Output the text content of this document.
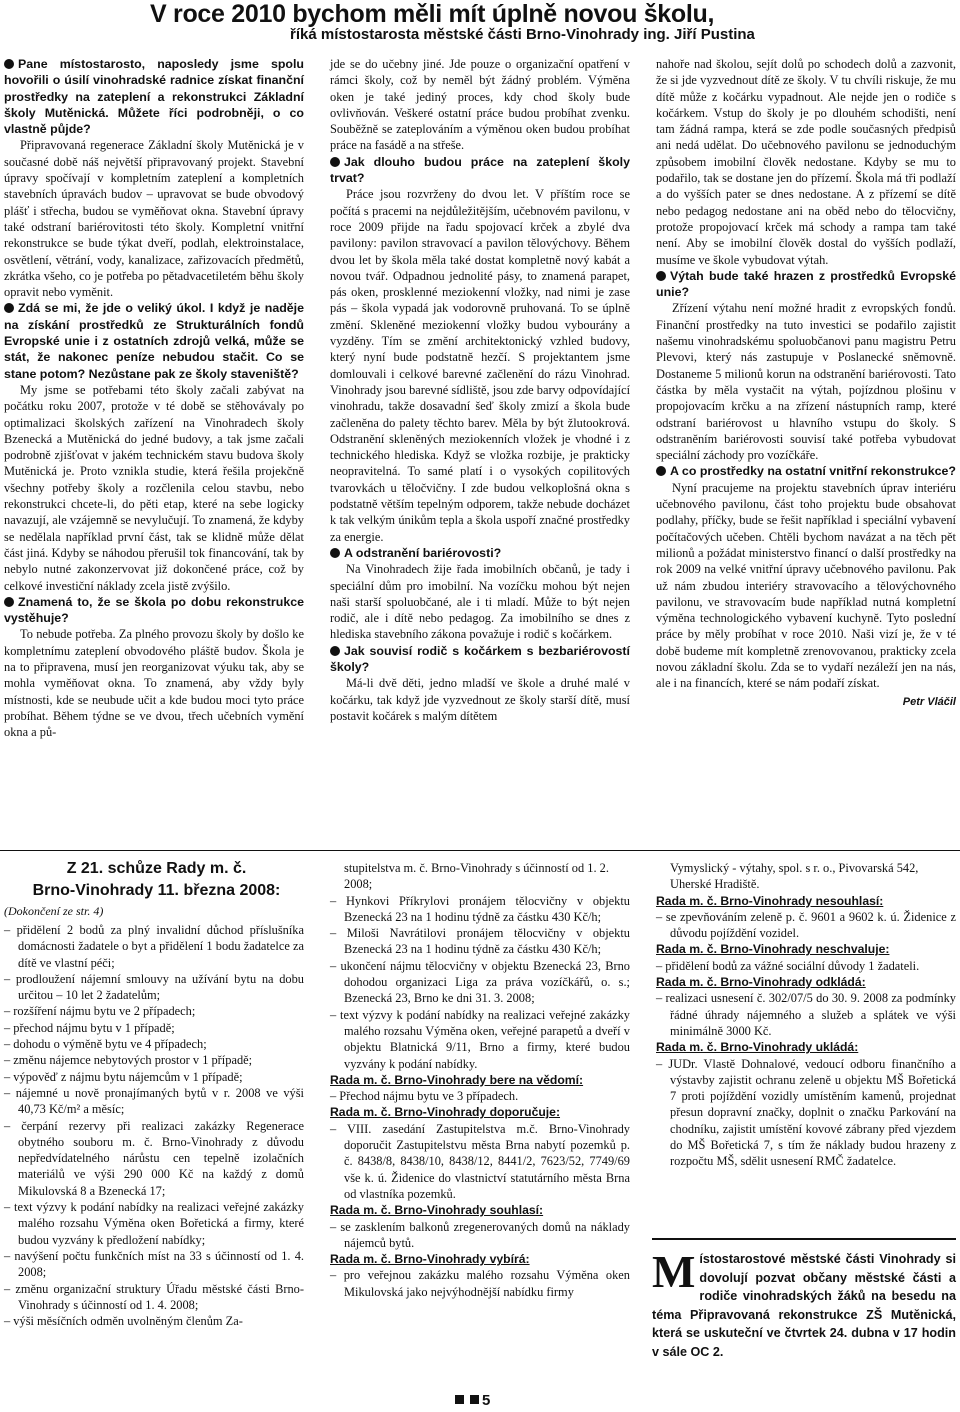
V roce 2010 bychom měli mít úplně novou školu,
říká místostarosta městské části Brno-Vinohrady ing. Jiří Pustina

Pane místostarosto, naposledy jsme spolu hovořili o úsilí vinohradské radnice získat finanční prostředky na zateplení a rekonstrukci Základní školy Mutěnická. Můžete říci podrobněji, o co vlastně půjde?

Připravovaná regenerace Základní školy Mutěnická je v současné době náš největší připravovaný projekt. Stavební úpravy spočívají v kompletním zateplení a kompletních stavebních úpravách budov – upravovat se bude obvodový plášť i střecha, budou se vyměňovat okna. Stavební úpravy také odstraní bariérovitosti této školy. Kompletní vnitřní rekonstrukce se bude týkat dveří, podlah, elektroinstalace, osvětlení, větrání, vody, kanalizace, zařizovacích předmětů, zkrátka všeho, co je potřeba po pětadvacetiletém běhu školy opravit nebo vyměnit.

Zdá se mi, že jde o veliký úkol. I když je naděje na získání prostředků ze Strukturálních fondů Evropské unie i z ostatních zdrojů velká, může se stát, že nakonec peníze nebudou stačit. Co se stane potom? Nezůstane pak ze školy staveniště?

My jsme se potřebami této školy začali zabývat na počátku roku 2007, protože v té době se stěhovávaly po optimalizaci školských zařízení na Vinohradech školy Bzenecká a Mutěnická do jedné budovy, a tak jsme začali podrobně zjišťovat v jakém technickém stavu budova školy Mutěnická je. Proto vznikla studie, která řešila projekčně všechny potřeby školy a rozčlenila celou stavbu, nebo rekonstrukci chcete-li, do pěti etap, které na sebe logicky navazují, ale vzájemně se nevylučují. To znamená, že kdyby se nedělala například první část, tak se klidně může dělat část jiná. Kdyby se náhodou přerušil tok financování, tak by nebylo nutné zakonzervovat již dokončené práce, což by celkové investiční náklady zcela jistě zvýšilo.

Znamená to, že se škola po dobu rekonstrukce vystěhuje?

To nebude potřeba. Za plného provozu školy by došlo ke kompletnímu zateplení obvodového pláště budov. Škola je na to připravena, musí jen reorganizovat výuku tak, aby se mohla vyměňovat okna. To znamená, aby vždy byly místnosti, kde se neubude učit a kde budou moci tyto práce probíhat. Během týdne se ve dvou, třech učebních vymění okna a pů-

jde se do učebny jiné. Jde pouze o organizační opatření v rámci školy, což by neměl být žádný problém. Výměna oken je také jediný proces, kdy chod školy bude ovlivňován. Veškeré ostatní práce budou probíhat zvenku. Souběžně se zateplováním a výměnou oken budou probíhat práce na fasádě a na střeše.

Jak dlouho budou práce na zateplení školy trvat?

Práce jsou rozvrženy do dvou let. V příštím roce se počítá s pracemi na nejdůležitějším, učebnovém pavilonu, v roce 2009 přijde na řadu spojovací krček a zbylé dva pavilony: pavilon stravovací a pavilon tělovýchovy. Během dvou let by škola měla také dostat kompletně nový kabát a novou tvář. Odpadnou jednolité pásy, to znamená parapet, pás oken, prosklenné meziokenní vložky, nad nimi je zase pás – škola vypadá jak vodorovně pruhovaná. To se úplně změní. Skleněné meziokenní vložky budou vybourány a vyzděny. Tím se změní architektonický vzhled budovy, který nyní bude podstatně hezčí. S projektantem jsme domlouvali i celkové barevné začlenění do rázu Vinohrad. Vinohrady jsou barevné sídliště, jsou zde barvy odpovídající vinohradu, takže dosavadní šeď školy zmizí a škola bude začleněna do palety těchto barev. Měla by být žlutookrová. Odstranění skleněných meziokenních vložek je vhodné i z technického hlediska. Když se vložka rozbije, je prakticky neopravitelná. To samé platí i o vysokých copilitových tvarovkách u těločvičny. I zde budou velkoplošná okna s podstatně větším tepelným odporem, takže nebude docházet k tak velkým únikům tepla a škola uspoří značné prostředky za energie.

A odstranění bariérovosti?

Na Vinohradech žije řada imobilních občanů, je tady i speciální dům pro imobilní. Na vozíčku mohou být nejen naši starší spoluobčané, ale i ti mladí. Může to být nejen rodič, ale i dítě nebo pedagog. Za imobilního se dnes z hlediska stavebního zákona považuje i rodič s kočárkem.

Jak souvisí rodič s kočárkem s bezbariérovostí školy?

Má-li dvě děti, jedno mladší ve škole a druhé malé v kočárku, tak když jde vyzvednout ze školy starší dítě, musí postavit kočárek s malým dítětem

nahoře nad školou, sejít dolů po schodech dolů a zazvonit, že si jde vyzvednout dítě ze školy. V tu chvíli riskuje, že mu dítě může z kočárku vypadnout. Ale nejde jen o rodiče s kočárkem. Vstup do školy je po dlouhém schodišti, není tam žádná rampa, která se zde podle současných předpisů ani nedá udělat. Do učebnového pavilonu se jednoduchým způsobem imobilní člověk nedostane. Kdyby se mu to podařilo, tak se dostane jen do přízemí. Škola má tři podlaží a do vyšších pater se dnes nedostane. A z přízemí se dítě nebo pedagog nedostane ani na oběd nebo do tělocvičny, protože propojovací krček má schody a rampa tam také není. Aby se imobilní člověk dostal do vyšších podlaží, musíme ve škole vybudovat výtah.

Výtah bude také hrazen z prostředků Evropské unie?

Zřízení výtahu není možné hradit z evropských fondů. Finanční prostředky na tuto investici se podařilo zajistit našemu vinohradskému spoluobčanovi panu magistru Petru Plevovi, který nás zastupuje v Poslanecké sněmovně. Dostaneme 5 milionů korun na odstranění bariérovosti. Tato částka by měla vystačit na výtah, pojízdnou plošinu v propojovacím krčku a na zřízení nástupních ramp, které odstraní bariérovost u hlavního vstupu do školy. S odstraněním bariérovosti souvisí také potřeba vybudovat speciální záchody pro vozíčkáře.

A co prostředky na ostatní vnitřní rekonstrukce?

Nyní pracujeme na projektu stavebních úprav interiéru učebnového pavilonu, část toho projektu bude obsahovat podlahy, příčky, bude se řešit například i speciální vybavení počítačových učeben. Chtěli bychom navázat a na těch pět milionů a požádat ministerstvo financí o další prostředky na rok 2009 na velké vnitřní úpravy učebnového pavilonu. Pak už nám zbudou interiéry stravovacího a tělovýchovného pavilonu, ve stravovacím bude například nutná kompletní výměna technologického vybavení kuchyně. Tyto poslední práce by měly probíhat v roce 2010. Naši vizí je, že v té době budeme mít kompletně zrenovovanou, prakticky zcela novou základní školu. Zda se to vydaří nezáleží jen na nás, ale i na financích, které se nám podaří získat.

Petr Vláčil
Z 21. schůze Rady m. č.
Brno-Vinohrady 11. března 2008:
(Dokončení ze str. 4)
– přidělení 2 bodů za plný invalidní důchod příslušníka domácnosti žadatele o byt a přidělení 1 bodu žadatelce za dítě ve vlastní péči;
– prodloužení nájemní smlouvy na užívání bytu na dobu určitou – 10 let 2 žadatelům;
– rozšíření nájmu bytu ve 2 případech;
– přechod nájmu bytu v 1 případě;
– dohodu o výměně bytu ve 4 případech;
– změnu nájemce nebytových prostor v 1 případě;
– výpověď z nájmu bytu nájemcům v 1 případě;
– nájemné u nově pronajímaných bytů v r. 2008 ve výši 40,73 Kč/m² a měsíc;
– čerpání rezervy při realizaci zakázky Regenerace obytného souboru m. č. Brno-Vinohrady z důvodu nepředvídatelného nárůstu cen tepelně izolačních materiálů ve výši 290 000 Kč na každý z domů Mikulovská 8 a Bzenecká 17;
– text výzvy k podání nabídky na realizaci veřejné zakázky malého rozsahu Výměna oken Bořetická a firmy, které budou vyzvány k předložení nabídky;
– navýšení počtu funkčních míst na 33 s účinností od 1. 4. 2008;
– změnu organizační struktury Úřadu městské části Brno-Vinohrady s účinností od 1. 4. 2008;
– výši měsíčních odměn uvolněným členům Za-
stupitelstva m. č. Brno-Vinohrady s účinností od 1. 2. 2008;
– Hynkovi Příkrylovi pronájem tělocvičny v objektu Bzenecká 23 na 1 hodinu týdně za částku 430 Kč/h;
– Miloši Navrátilovi pronájem tělocvičny v objektu Bzenecká 23 na 1 hodinu týdně za částku 430 Kč/h;
– ukončení nájmu tělocvičny v objektu Bzenecká 23, Brno dohodou organizaci Liga za práva vozíčkářů, o. s.; Bzenecká 23, Brno ke dni 31. 3. 2008;
– text výzvy k podání nabídky na realizaci veřejné zakázky malého rozsahu Výměna oken, veřejné parapetů a dveří v objektu Blatnická 9/11, Brno a firmy, které budou vyzvány k podání nabídky.
Rada m. č. Brno-Vinohrady bere na vědomí:
– Přechod nájmu bytu ve 3 případech.
Rada m. č. Brno-Vinohrady doporučuje:
– VIII. zasedání Zastupitelstva m.č. Brno-Vinohrady doporučit Zastupitelstvu města Brna nabytí pozemků p. č. 8438/8, 8438/10, 8438/12, 8441/2, 7623/52, 7749/69 vše k. ú. Židenice do vlastnictví statutárního města Brna od vlastníka pozemků.
Rada m. č. Brno-Vinohrady souhlasí:
– se zasklením balkonů zregenerovaných domů na náklady nájemců bytů.
Rada m. č. Brno-Vinohrady vybírá:
– pro veřejnou zakázku malého rozsahu Výměna oken Mikulovská jako nejvýhodnější nabídku firmy
Vymyslický - výtahy, spol. s r. o., Pivovarská 542, Uherské Hradiště.
Rada m. č. Brno-Vinohrady nesouhlasí:
– se zpevňováním zeleně p. č. 9601 a 9602 k. ú. Židenice z důvodu pojíždění vozidel.
Rada m. č. Brno-Vinohrady neschvaluje:
– přidělení bodů za vážné sociální důvody 1 žadateli.
Rada m. č. Brno-Vinohrady odkládá:
– realizaci usnesení č. 302/07/5 do 30. 9. 2008 za podmínky řádné úhrady nájemného a služeb a splátek ve výši minimálně 3000 Kč.
Rada m. č. Brno-Vinohrady ukládá:
– JUDr. Vlastě Dohnalové, vedoucí odboru finančního a výstavby zajistit ochranu zeleně u objektu MŠ Bořetická 7 proti pojíždění vozidly umístěním kamenů, projednat přesun dopravní značky, doplnit o značku Parkování na chodníku, zajistit umístění kovové zábrany před vjezdem do MŠ Bořetická 7, s tím že náklady budou hrazeny z rozpočtu MŠ, sdělit usnesení RMČ žadatelce.
M ístostarostové městské části Vinohrady si dovolují pozvat občany městské části a rodiče vinohradských žáků na besedu na téma Připravovaná rekonstrukce ZŠ Mutěnická, která se uskuteční ve čtvrtek 24. dubna v 17 hodin v sále OC 2.
5
